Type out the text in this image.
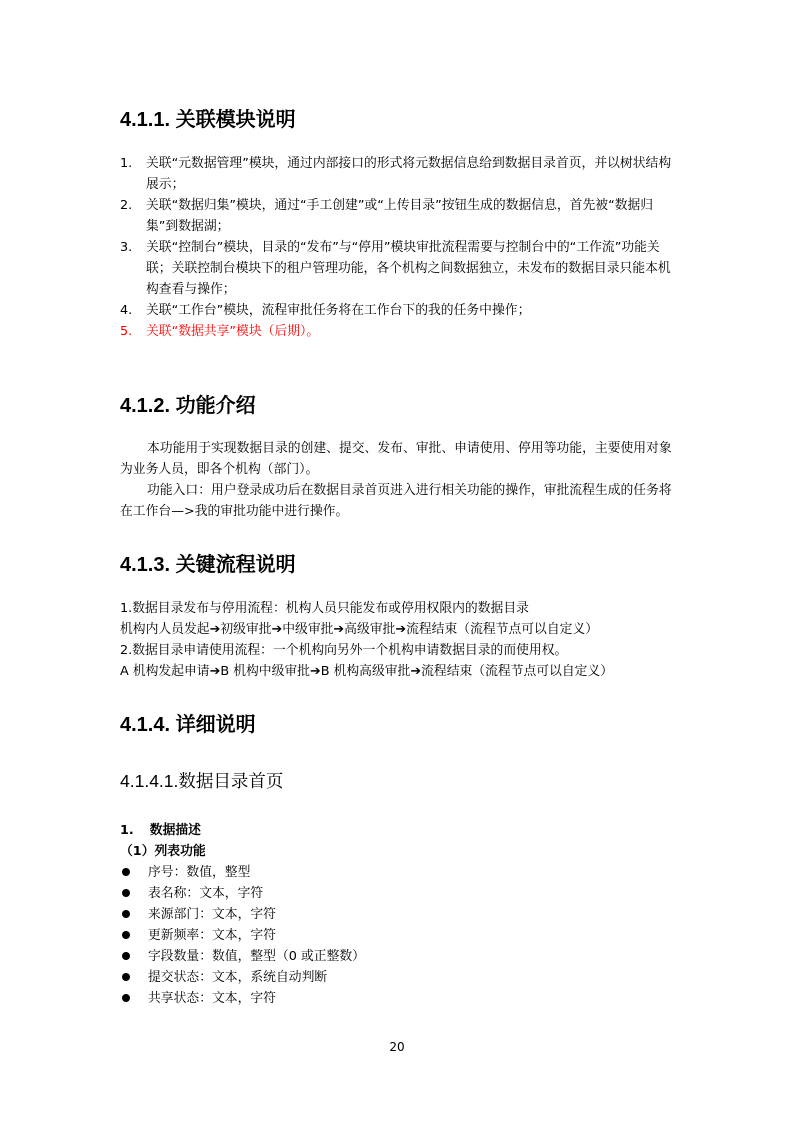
4.1.1. 关联模块说明
1. 关联“元数据管理”模块，通过内部接口的形式将元数据信息给到数据目录首页，并以树状结构展示；
2. 关联“数据归集”模块，通过“手工创建”或“上传目录”按钮生成的数据信息，首先被“数据归集”到数据湖；
3. 关联“控制台”模块，目录的“发布”与“停用”模块审批流程需要与控制台中的“工作流”功能关联；关联控制台模块下的租户管理功能，各个机构之间数据独立，未发布的数据目录只能本机构查看与操作；
4. 关联“工作台”模块，流程审批任务将在工作台下的我的任务中操作；
5. 关联“数据共享”模块（后期）。
4.1.2. 功能介绍

本功能用于实现数据目录的创建、提交、发布、审批、申请使用、停用等功能，主要使用对象为业务人员，即各个机构（部门）。

功能入口：用户登录成功后在数据目录首页进入进行相关功能的操作，审批流程生成的任务将在工作台—>我的审批功能中进行操作。

4.1.3. 关键流程说明
1.数据目录发布与停用流程：机构人员只能发布或停用权限内的数据目录
机构内人员发起➔初级审批➔中级审批➔高级审批➔流程结束（流程节点可以自定义）
2.数据目录申请使用流程：一个机构向另外一个机构申请数据目录的而使用权。
A 机构发起申请➔B 机构中级审批➔B 机构高级审批➔流程结束（流程节点可以自定义）
4.1.4. 详细说明
4.1.4.1.数据目录首页
1. 数据描述
（1）列表功能
序号：数值，整型
表名称：文本，字符
来源部门：文本，字符
更新频率：文本，字符
字段数量：数值，整型（0 或正整数）
提交状态：文本，系统自动判断
共享状态：文本，字符
20
